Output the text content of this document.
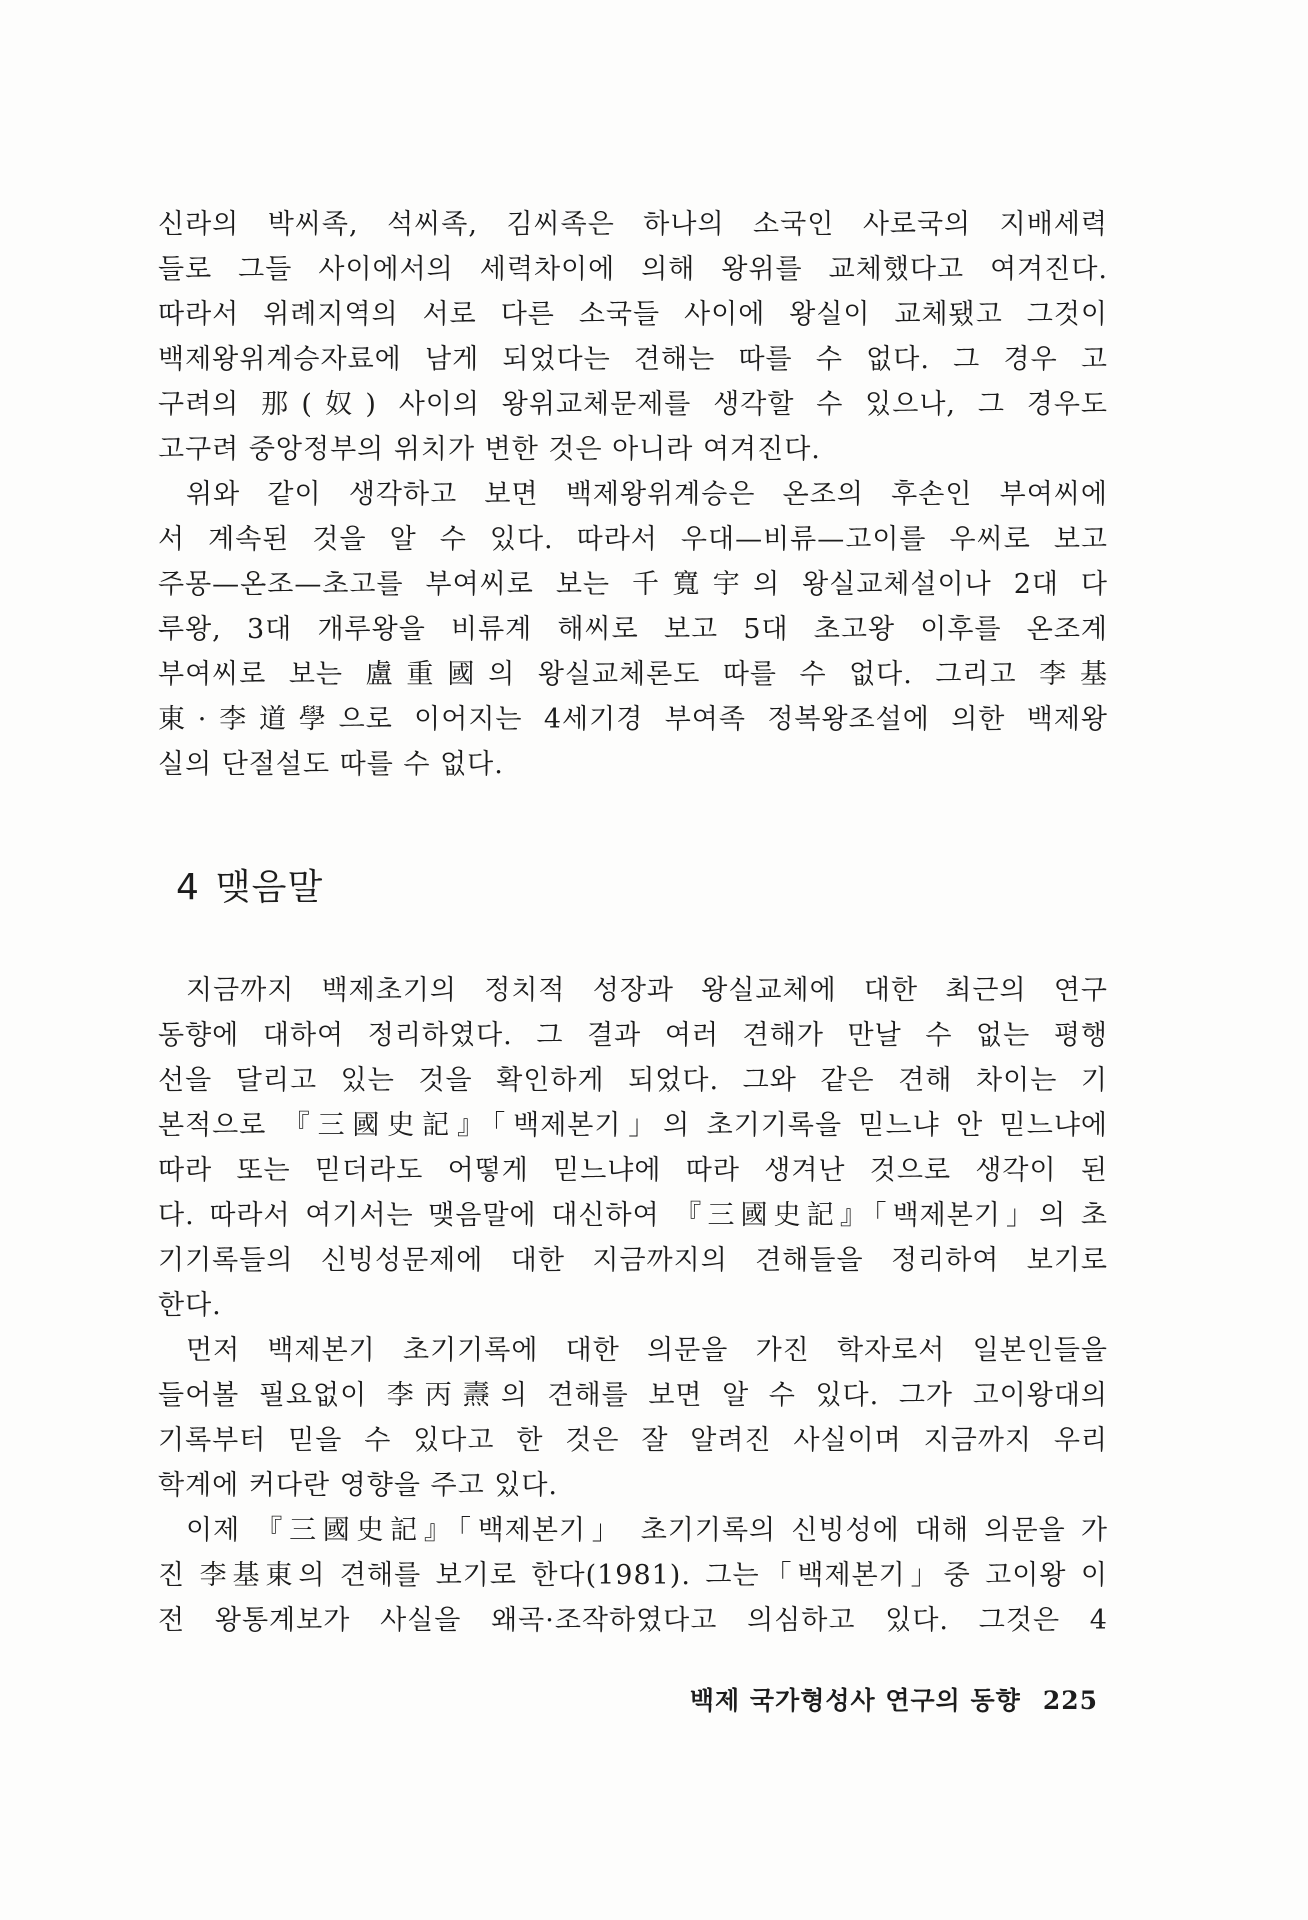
신라의 박씨족, 석씨족, 김씨족은 하나의 소국인 사로국의 지배세력
들로 그들 사이에서의 세력차이에 의해 왕위를 교체했다고 여겨진다.
따라서 위례지역의 서로 다른 소국들 사이에 왕실이 교체됐고 그것이
백제왕위계승자료에 남게 되었다는 견해는 따를 수 없다. 그 경우 고
구려의 那(奴) 사이의 왕위교체문제를 생각할 수 있으나, 그 경우도
고구려 중앙정부의 위치가 변한 것은 아니라 여겨진다.
위와 같이 생각하고 보면 백제왕위계승은 온조의 후손인 부여씨에
서 계속된 것을 알 수 있다. 따라서 우대—비류—고이를 우씨로 보고
주몽—온조—초고를 부여씨로 보는 千寬宇의 왕실교체설이나 2대 다
루왕, 3대 개루왕을 비류계 해씨로 보고 5대 초고왕 이후를 온조계
부여씨로 보는 盧重國의 왕실교체론도 따를 수 없다. 그리고 李基
東·李道學으로 이어지는 4세기경 부여족 정복왕조설에 의한 백제왕
실의 단절설도 따를 수 없다.
4 맺음말
지금까지 백제초기의 정치적 성장과 왕실교체에 대한 최근의 연구
동향에 대하여 정리하였다. 그 결과 여러 견해가 만날 수 없는 평행
선을 달리고 있는 것을 확인하게 되었다. 그와 같은 견해 차이는 기
본적으로 『三國史記』「백제본기」의 초기기록을 믿느냐 안 믿느냐에
따라 또는 믿더라도 어떻게 믿느냐에 따라 생겨난 것으로 생각이 된
다. 따라서 여기서는 맺음말에 대신하여 『三國史記』「백제본기」의 초
기기록들의 신빙성문제에 대한 지금까지의 견해들을 정리하여 보기로
한다.
먼저 백제본기 초기기록에 대한 의문을 가진 학자로서 일본인들을
들어볼 필요없이 李丙燾의 견해를 보면 알 수 있다. 그가 고이왕대의
기록부터 믿을 수 있다고 한 것은 잘 알려진 사실이며 지금까지 우리
학계에 커다란 영향을 주고 있다.
이제 『三國史記』「백제본기」 초기기록의 신빙성에 대해 의문을 가
진 李基東의 견해를 보기로 한다(1981). 그는「백제본기」중 고이왕 이
전 왕통계보가 사실을 왜곡·조작하였다고 의심하고 있다. 그것은 4
백제 국가형성사 연구의 동향 225
